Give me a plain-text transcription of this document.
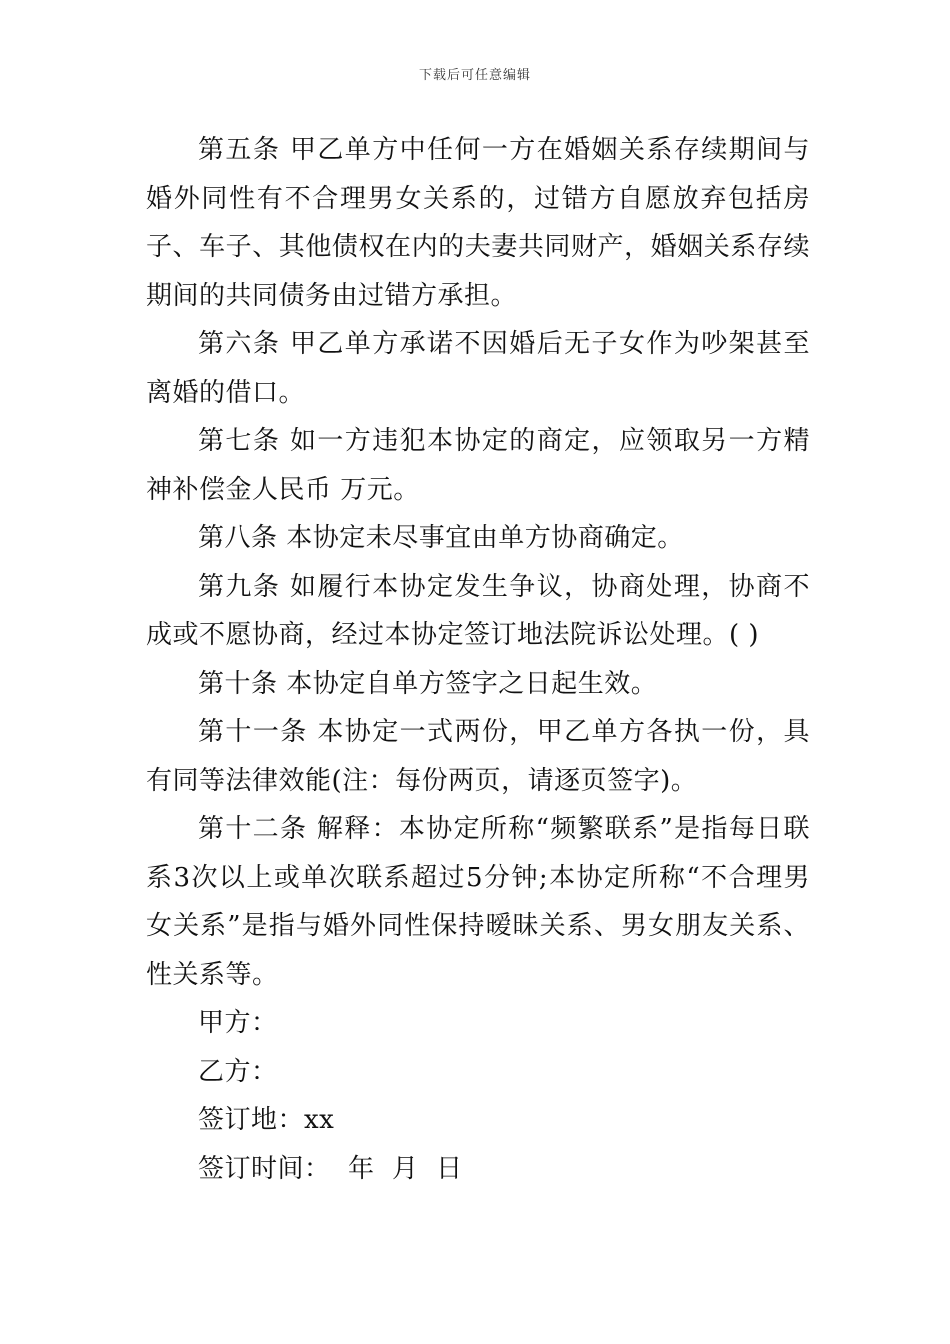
下载后可任意编辑

第五条 甲乙单方中任何一方在婚姻关系存续期间与婚外同性有不合理男女关系的，过错方自愿放弃包括房子、车子、其他债权在内的夫妻共同财产，婚姻关系存续期间的共同债务由过错方承担。

第六条 甲乙单方承诺不因婚后无子女作为吵架甚至离婚的借口。

第七条 如一方违犯本协定的商定，应领取另一方精神补偿金人民币 万元。

第八条 本协定未尽事宜由单方协商确定。

第九条 如履行本协定发生争议，协商处理，协商不成或不愿协商，经过本协定签订地法院诉讼处理。( )

第十条 本协定自单方签字之日起生效。

第十一条 本协定一式两份，甲乙单方各执一份，具有同等法律效能(注：每份两页，请逐页签字)。

第十二条 解释：本协定所称“频繁联系”是指每日联系3次以上或单次联系超过5分钟;本协定所称“不合理男女关系”是指与婚外同性保持暧昧关系、男女朋友关系、性关系等。

甲方：

乙方：

签订地：xx

签订时间：  年  月  日
